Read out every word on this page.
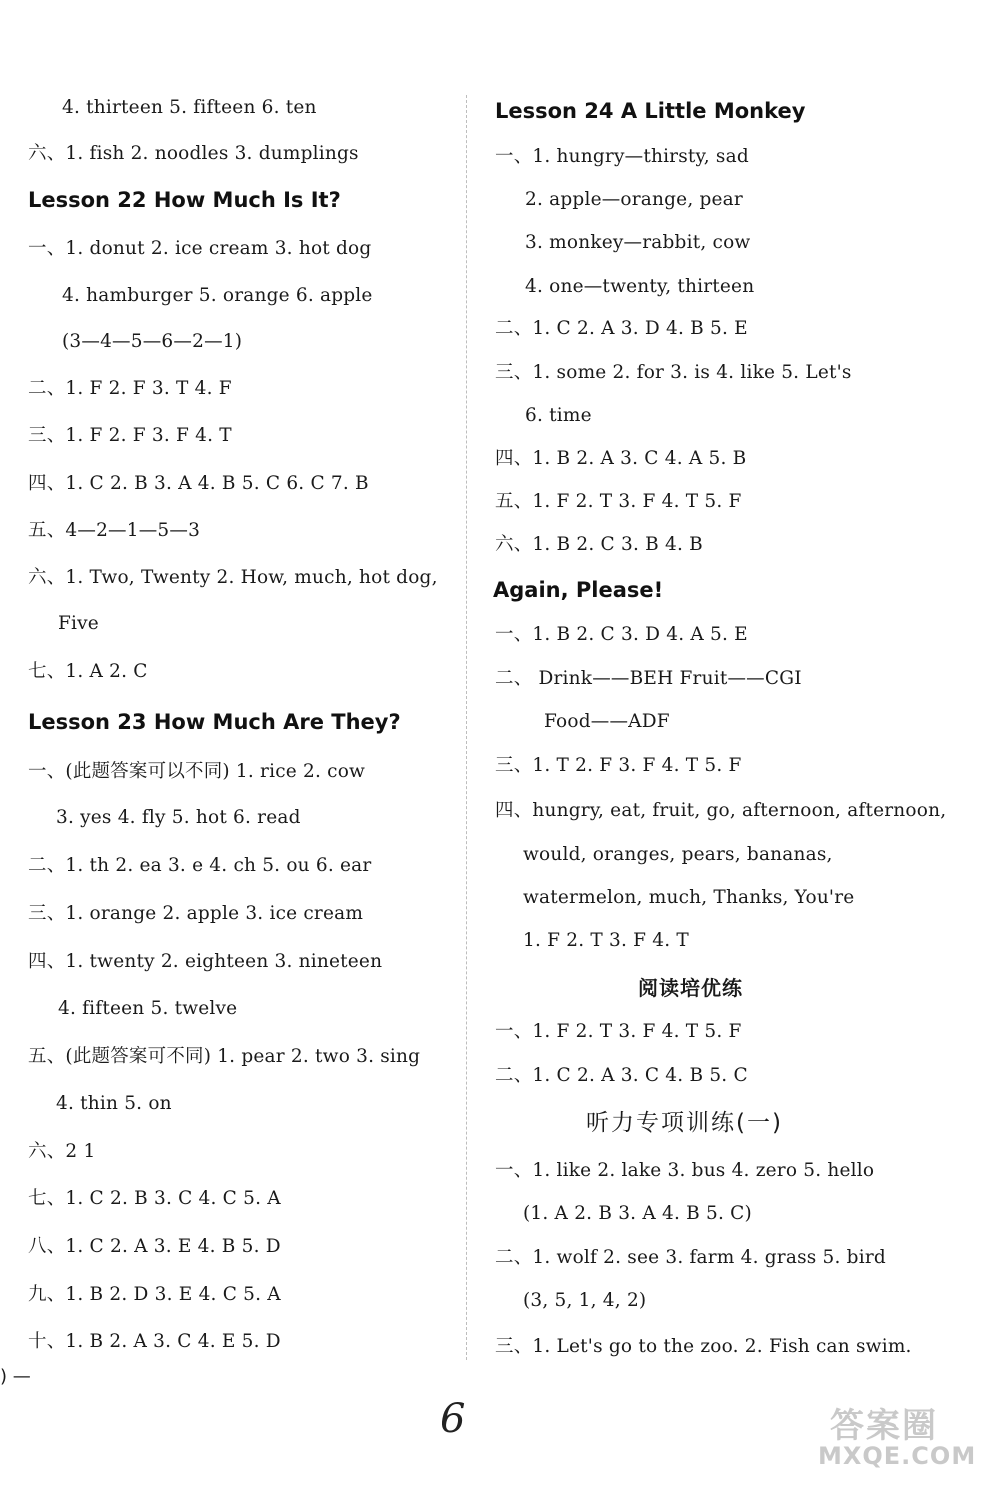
4. thirteen 5. fifteen 6. ten
六、1. fish 2. noodles 3. dumplings
Lesson 22 How Much Is It?
一、1. donut 2. ice cream 3. hot dog
4. hamburger 5. orange 6. apple
(3—4—5—6—2—1)
二、1. F 2. F 3. T 4. F
三、1. F 2. F 3. F 4. T
四、1. C 2. B 3. A 4. B 5. C 6. C 7. B
五、4—2—1—5—3
六、1. Two, Twenty 2. How, much, hot dog,
Five
七、1. A 2. C
Lesson 23 How Much Are They?
一、(此题答案可以不同) 1. rice 2. cow
3. yes 4. fly 5. hot 6. read
二、1. th 2. ea 3. e 4. ch 5. ou 6. ear
三、1. orange 2. apple 3. ice cream
四、1. twenty 2. eighteen 3. nineteen
4. fifteen 5. twelve
五、(此题答案可不同) 1. pear 2. two 3. sing
4. thin 5. on
六、2 1
七、1. C 2. B 3. C 4. C 5. A
八、1. C 2. A 3. E 4. B 5. D
九、1. B 2. D 3. E 4. C 5. A
十、1. B 2. A 3. C 4. E 5. D
Lesson 24 A Little Monkey
一、1. hungry—thirsty, sad
2. apple—orange, pear
3. monkey—rabbit, cow
4. one—twenty, thirteen
二、1. C 2. A 3. D 4. B 5. E
三、1. some 2. for 3. is 4. like 5. Let's
6. time
四、1. B 2. A 3. C 4. A 5. B
五、1. F 2. T 3. F 4. T 5. F
六、1. B 2. C 3. B 4. B
Again, Please!
一、1. B 2. C 3. D 4. A 5. E
二、 Drink——BEH Fruit——CGI
Food——ADF
三、1. T 2. F 3. F 4. T 5. F
四、hungry, eat, fruit, go, afternoon, afternoon,
would, oranges, pears, bananas,
watermelon, much, Thanks, You're
1. F 2. T 3. F 4. T
阅读培优练
一、1. F 2. T 3. F 4. T 5. F
二、1. C 2. A 3. C 4. B 5. C
听力专项训练(一)
一、1. like 2. lake 3. bus 4. zero 5. hello
(1. A 2. B 3. A 4. B 5. C)
二、1. wolf 2. see 3. farm 4. grass 5. bird
(3, 5, 1, 4, 2)
三、1. Let's go to the zoo. 2. Fish can swim.
) —
6	答案圈
MXQE.COM
